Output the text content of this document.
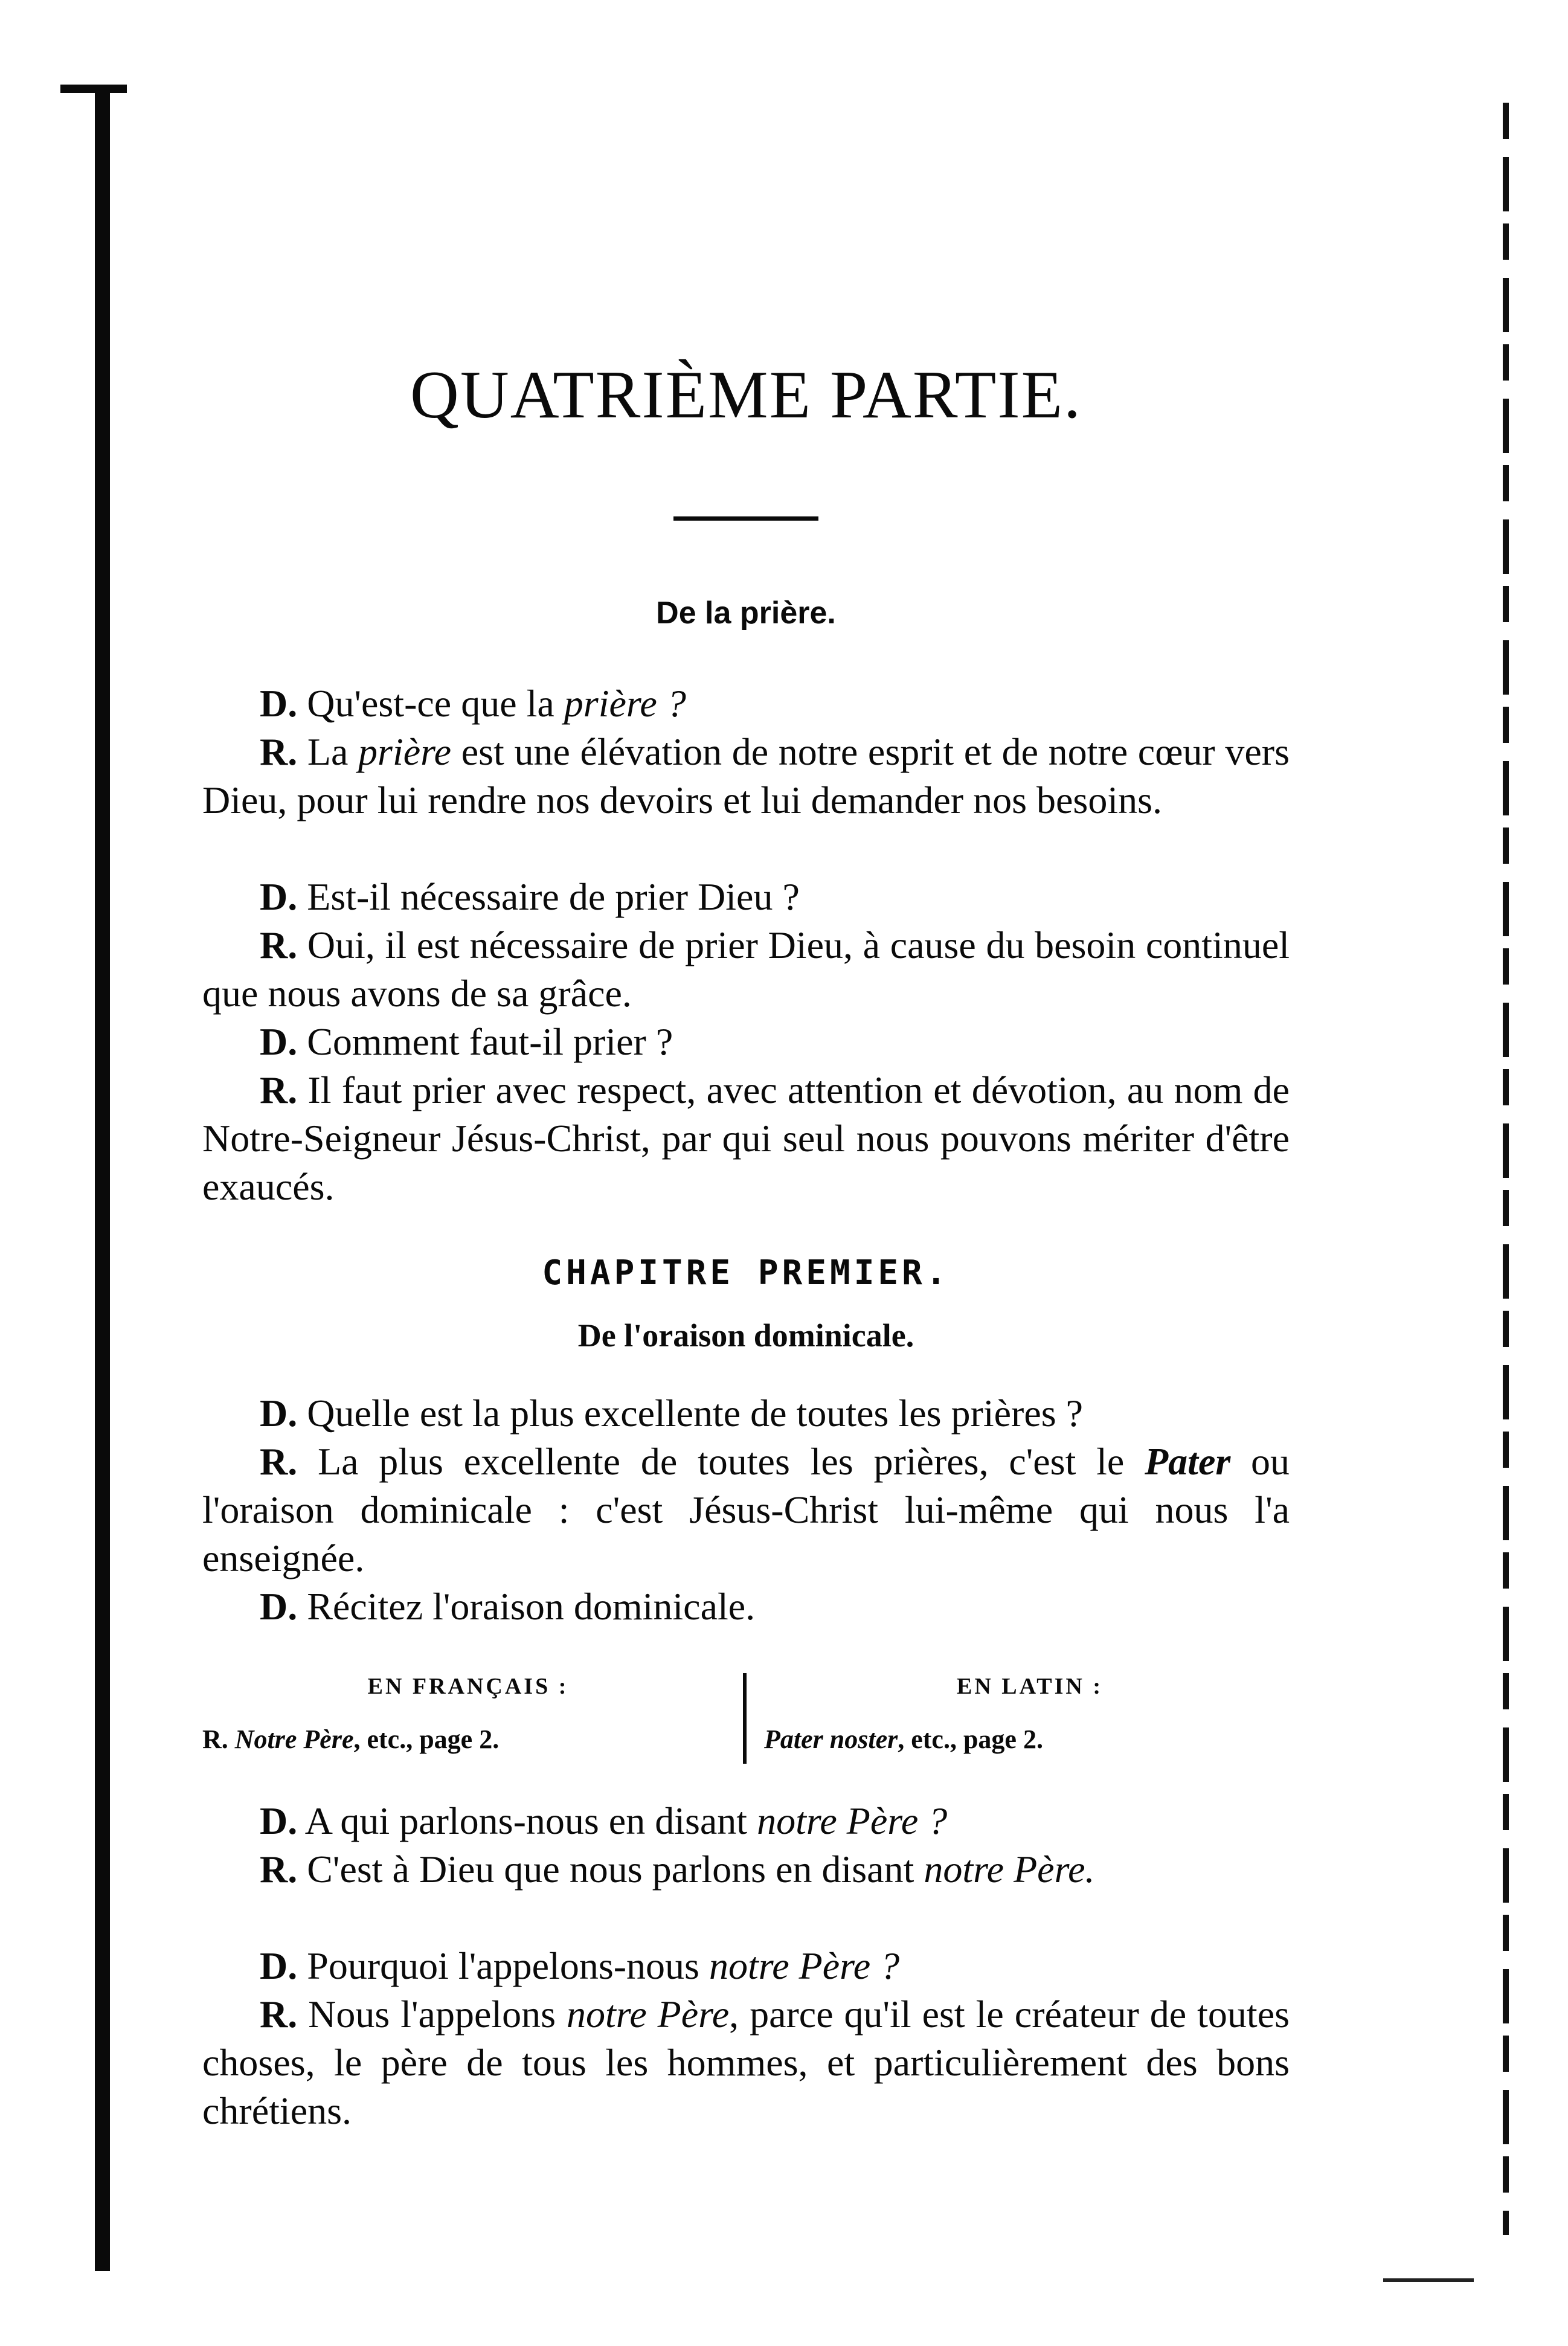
QUATRIÈME PARTIE.
De la prière.

D. Qu'est-ce que la prière ?

R. La prière est une élévation de notre esprit et de notre cœur vers Dieu, pour lui rendre nos devoirs et lui demander nos besoins.

D. Est-il nécessaire de prier Dieu ?

R. Oui, il est nécessaire de prier Dieu, à cause du besoin continuel que nous avons de sa grâce.

D. Comment faut-il prier ?

R. Il faut prier avec respect, avec attention et dévotion, au nom de Notre-Seigneur Jésus-Christ, par qui seul nous pouvons mériter d'être exaucés.

CHAPITRE PREMIER.
De l'oraison dominicale.

D. Quelle est la plus excellente de toutes les prières ?

R. La plus excellente de toutes les prières, c'est le Pater ou l'oraison dominicale : c'est Jésus-Christ lui-même qui nous l'a enseignée.

D. Récitez l'oraison dominicale.

EN FRANÇAIS :
R. Notre Père, etc., page 2.
EN LATIN :
Pater noster, etc., page 2.

D. A qui parlons-nous en disant notre Père ?

R. C'est à Dieu que nous parlons en disant notre Père.

D. Pourquoi l'appelons-nous notre Père ?

R. Nous l'appelons notre Père, parce qu'il est le créateur de toutes choses, le père de tous les hommes, et particulièrement des bons chrétiens.
